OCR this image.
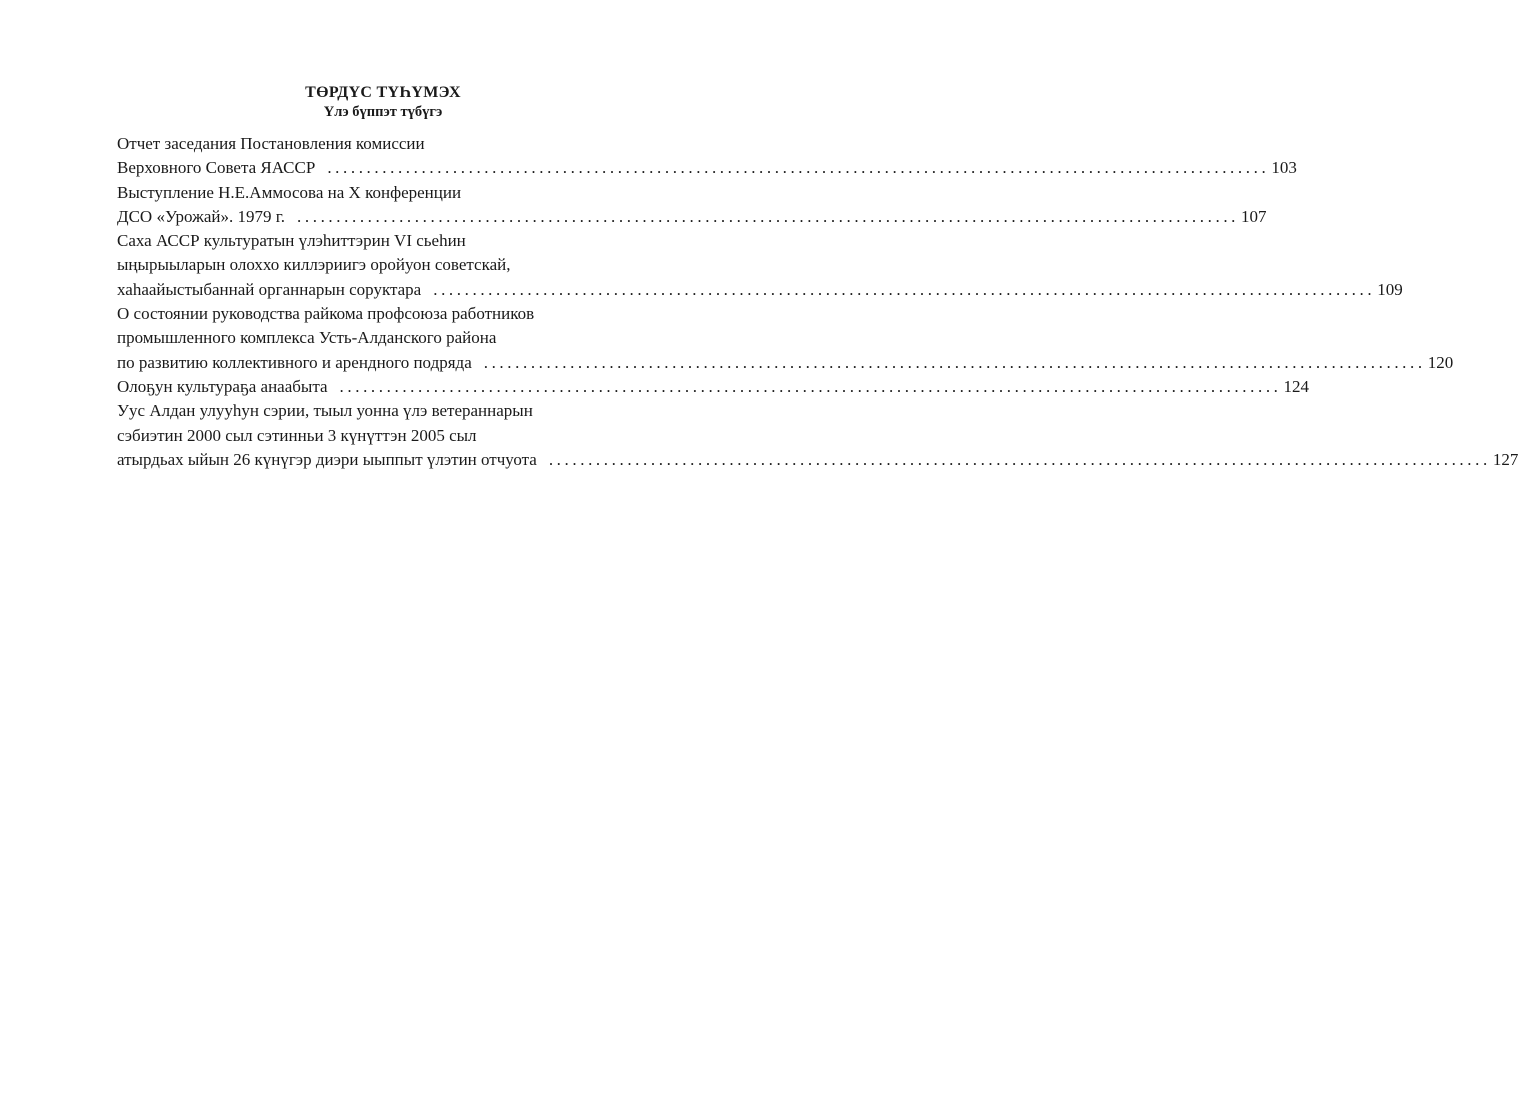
ТӨРДҮС ТҮҺҮМЭХ
Үлэ бүппэт түбүгэ
Отчет заседания Постановления комиссии
Верховного Совета ЯАССР ........................................................................................................................ 103
Выступление Н.Е.Аммосова на X конференции
ДСО «Урожай». 1979 г. ........................................................................................................................ 107
Саха АССР культуратын үлэһиттэрин VI сьеһин
ыңырыыларын олоххо киллэриигэ оройуон советскай,
хаһаайыстыбаннай органнарын соруктара ........................................................................................................................ 109
О состоянии руководства райкома профсоюза работников
промышленного комплекса Усть-Алданского района
по развитию коллективного и арендного подряда ........................................................................................................................ 120
Олоҕун культураҕа анаабыта ........................................................................................................................ 124
Уус Алдан улууһун сэрии, тыыл уонна үлэ ветераннарын
сэбиэтин 2000 сыл сэтинньи 3 күнүттэн 2005 сыл
атырдьах ыйын 26 күнүгэр диэри ыыппыт үлэтин отчуота ........................................................................................................................ 127
